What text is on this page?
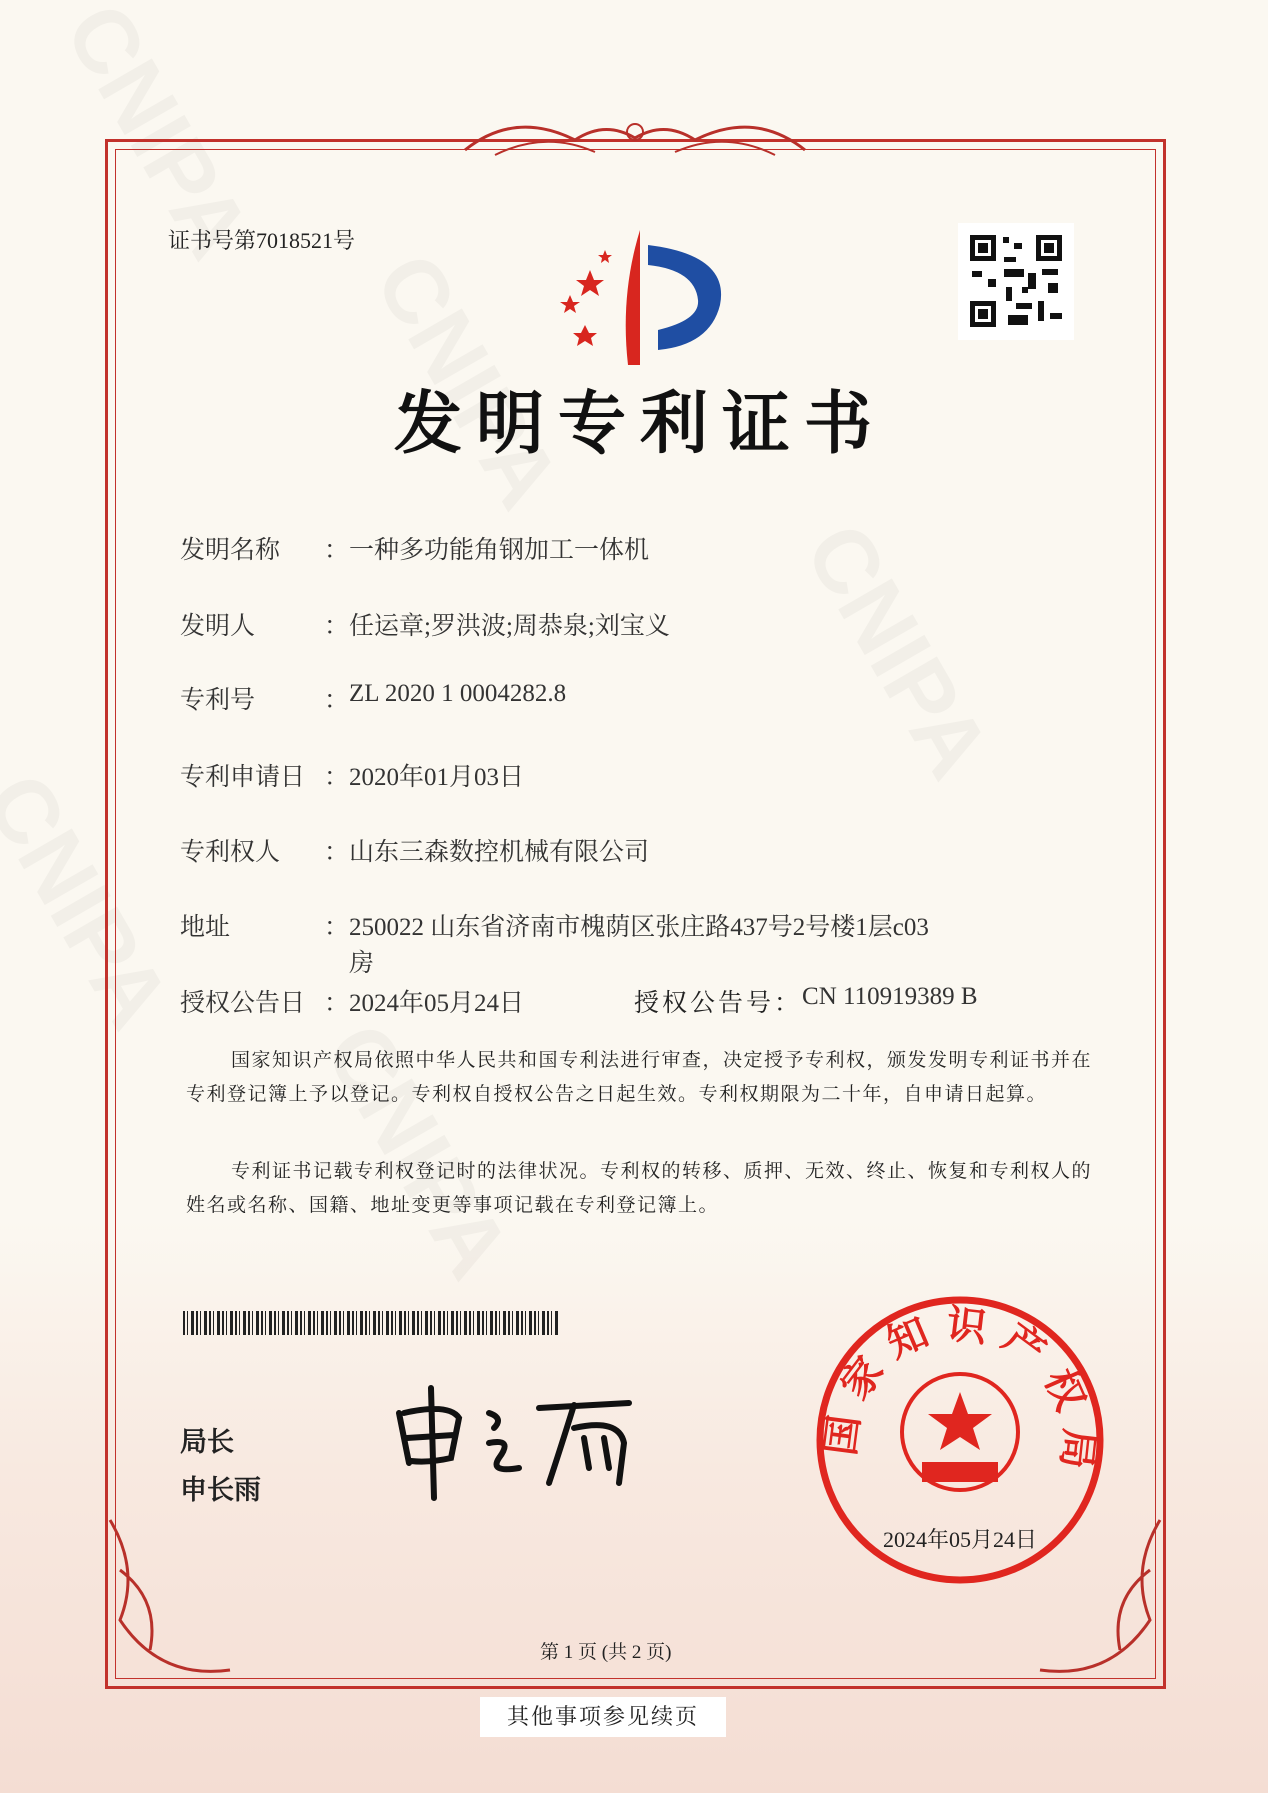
证书号第7018521号
发明专利证书
发明名称 ： 一种多功能角钢加工一体机
发明人	： 任运章;罗洪波;周恭泉;刘宝义
专利号	： ZL 2020 1 0004282.8
专利申请日 ： 2020年01月03日
专利权人 ： 山东三森数控机械有限公司
地址	： 250022 山东省济南市槐荫区张庄路437号2号楼1层c03
房
授权公告日 ： 2024年05月24日	授权公告号： CN 110919389 B
国家知识产权局依照中华人民共和国专利法进行审查，决定授予专利权，颁发发明专利证书并在专利登记簿上予以登记。专利权自授权公告之日起生效。专利权期限为二十年，自申请日起算。
专利证书记载专利权登记时的法律状况。专利权的转移、质押、无效、终止、恢复和专利权人的姓名或名称、国籍、地址变更等事项记载在专利登记簿上。
局长
申长雨
国家知识产权局
2024年05月24日
第 1 页 (共 2 页)
其他事项参见续页
